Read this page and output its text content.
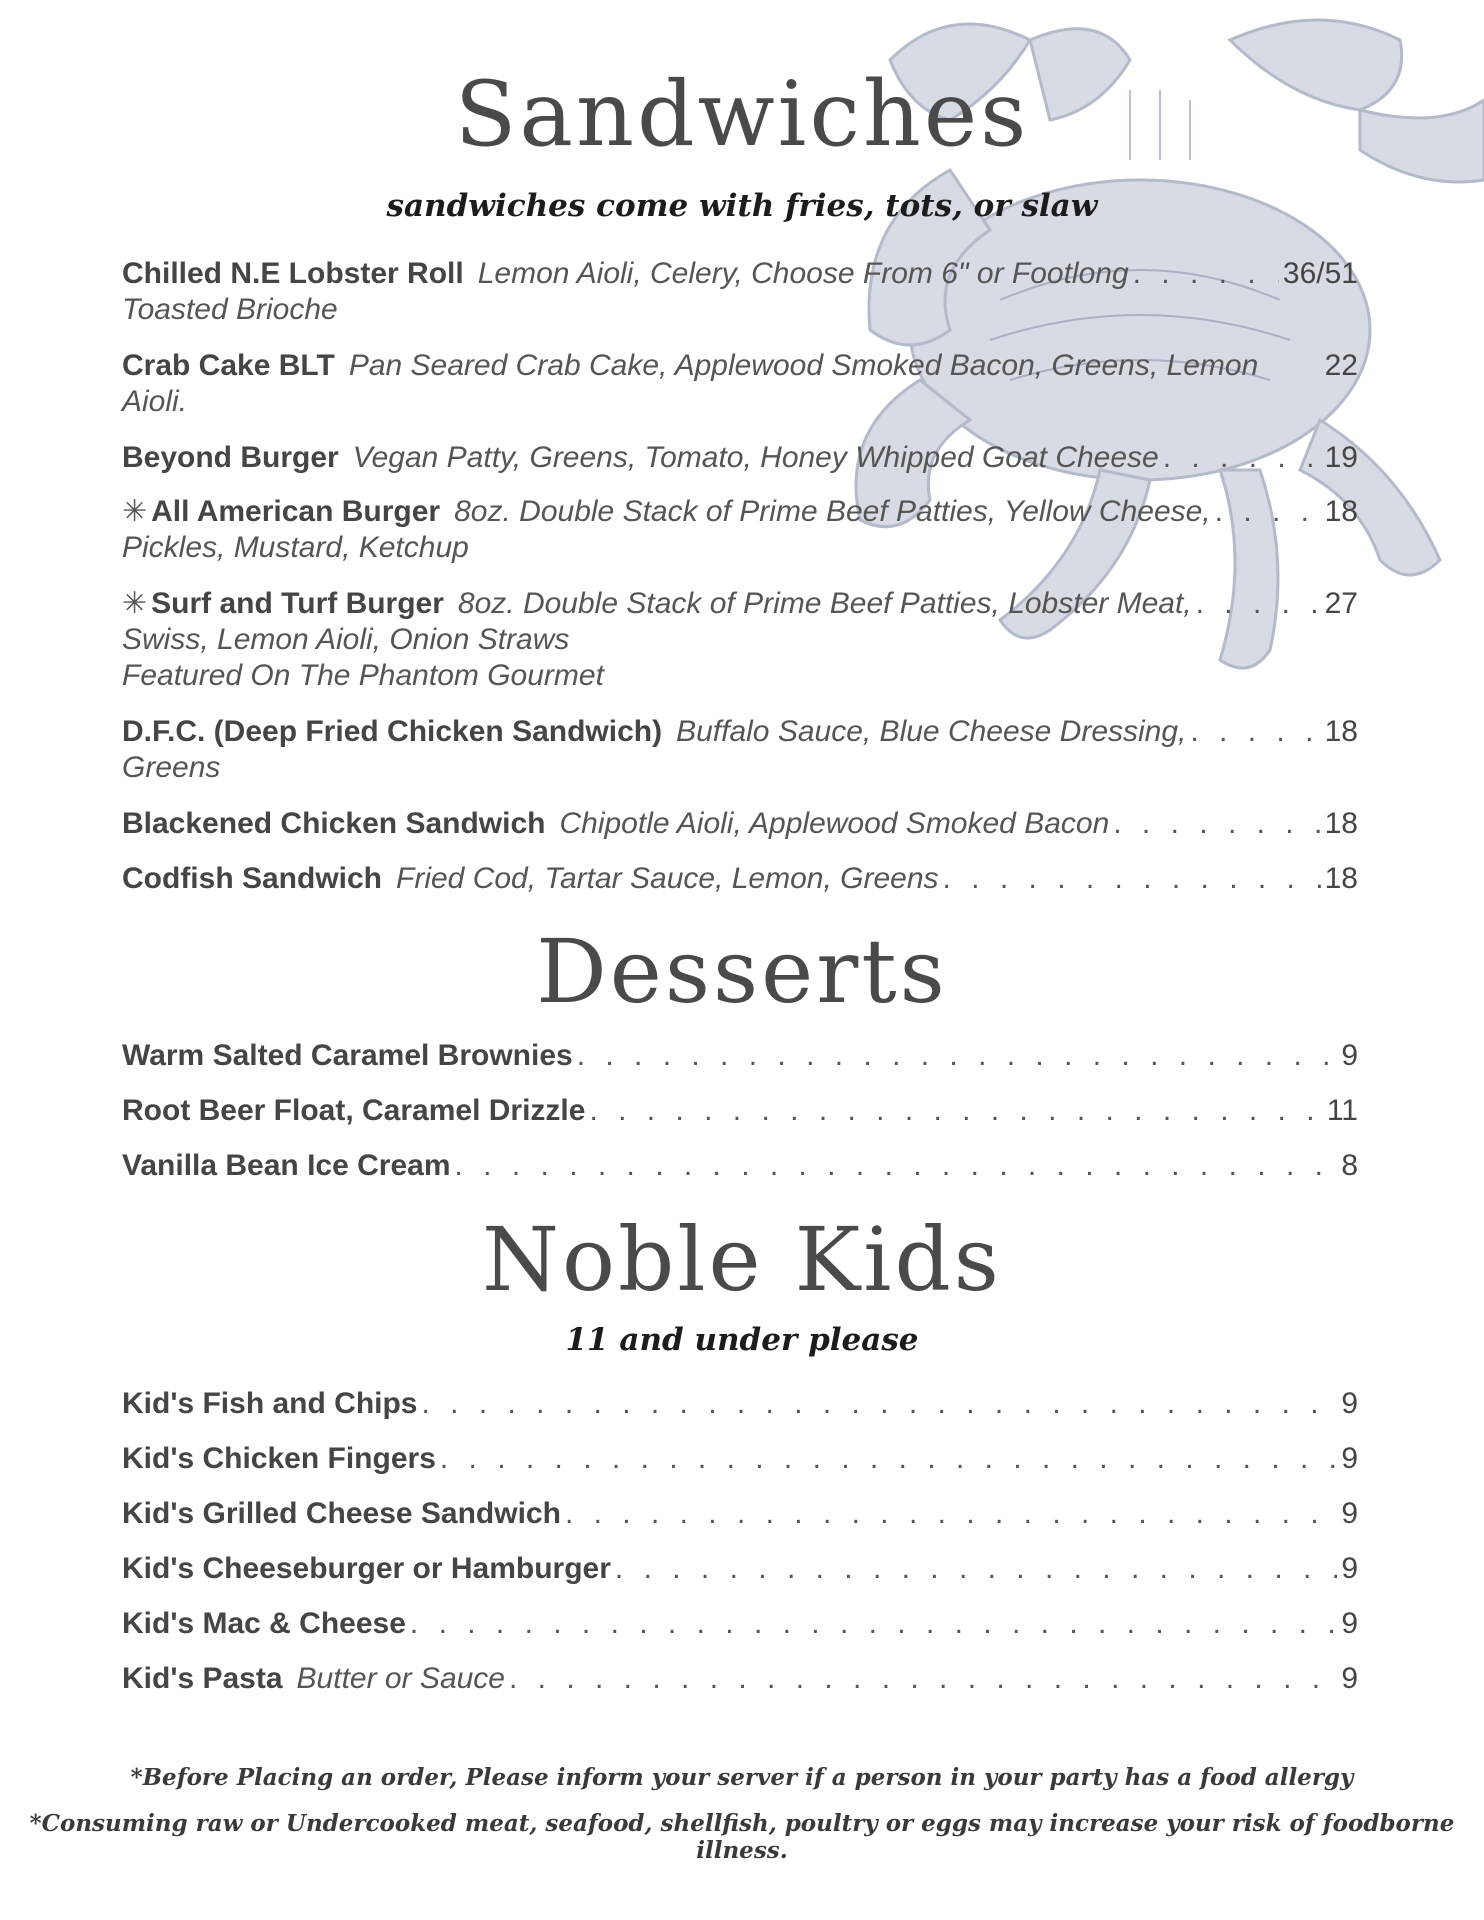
Sandwiches
sandwiches come with fries, tots, or slaw
Chilled N.E Lobster Roll Lemon Aioli, Celery, Choose From 6" or Footlong . . .	36/51
Toasted Brioche
Crab Cake BLT Pan Seared Crab Cake, Applewood Smoked Bacon, Greens, Lemon 22
Aioli.
Beyond Burger Vegan Patty, Greens, Tomato, Honey Whipped Goat Cheese . . .	19
✳ All American Burger 8oz. Double Stack of Prime Beef Patties, Yellow Cheese, . . .	18
Pickles, Mustard, Ketchup
✳ Surf and Turf Burger 8oz. Double Stack of Prime Beef Patties, Lobster Meat, . . .	27
Swiss, Lemon Aioli, Onion Straws
Featured On The Phantom Gourmet
D.F.C. (Deep Fried Chicken Sandwich) Buffalo Sauce, Blue Cheese Dressing, . . .	18
Greens
Blackened Chicken Sandwich Chipotle Aioli, Applewood Smoked Bacon . . .	18
Codfish Sandwich Fried Cod, Tartar Sauce, Lemon, Greens . . .	18
Desserts
Warm Salted Caramel Brownies . . .	9
Root Beer Float, Caramel Drizzle . . .	11
Vanilla Bean Ice Cream . . .	8
Noble Kids
11 and under please
Kid's Fish and Chips . . .	9
Kid's Chicken Fingers . . .	9
Kid's Grilled Cheese Sandwich . . .	9
Kid's Cheeseburger or Hamburger . . .	9
Kid's Mac & Cheese . . .	9
Kid's Pasta Butter or Sauce . . .	9
*Before Placing an order, Please inform your server if a person in your party has a food allergy
*Consuming raw or Undercooked meat, seafood, shellfish, poultry or eggs may increase your risk of foodborne illness.
